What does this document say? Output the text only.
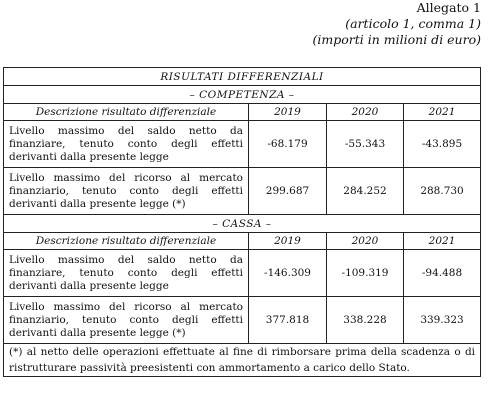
Allegato 1
(articolo 1, comma 1)
(importi in milioni di euro)
RISULTATI DIFFERENZIALI			
– COMPETENZA –			
Descrizione risultato differenziale	2019	2020	2021
Livello massimo del saldo netto da finanziare, tenuto conto degli effetti derivanti dalla presente legge	-68.179	-55.343	-43.895
Livello massimo del ricorso al mercato finanziario, tenuto conto degli effetti derivanti dalla presente legge (*)	299.687	284.252	288.730
– CASSA –			
Descrizione risultato differenziale	2019	2020	2021
Livello massimo del saldo netto da finanziare, tenuto conto degli effetti derivanti dalla presente legge	-146.309	-109.319	-94.488
Livello massimo del ricorso al mercato finanziario, tenuto conto degli effetti derivanti dalla presente legge (*)	377.818	338.228	339.323
(*) al netto delle operazioni effettuate al fine di rimborsare prima della scadenza o di ristrutturare passività preesistenti con ammortamento a carico dello Stato.			
